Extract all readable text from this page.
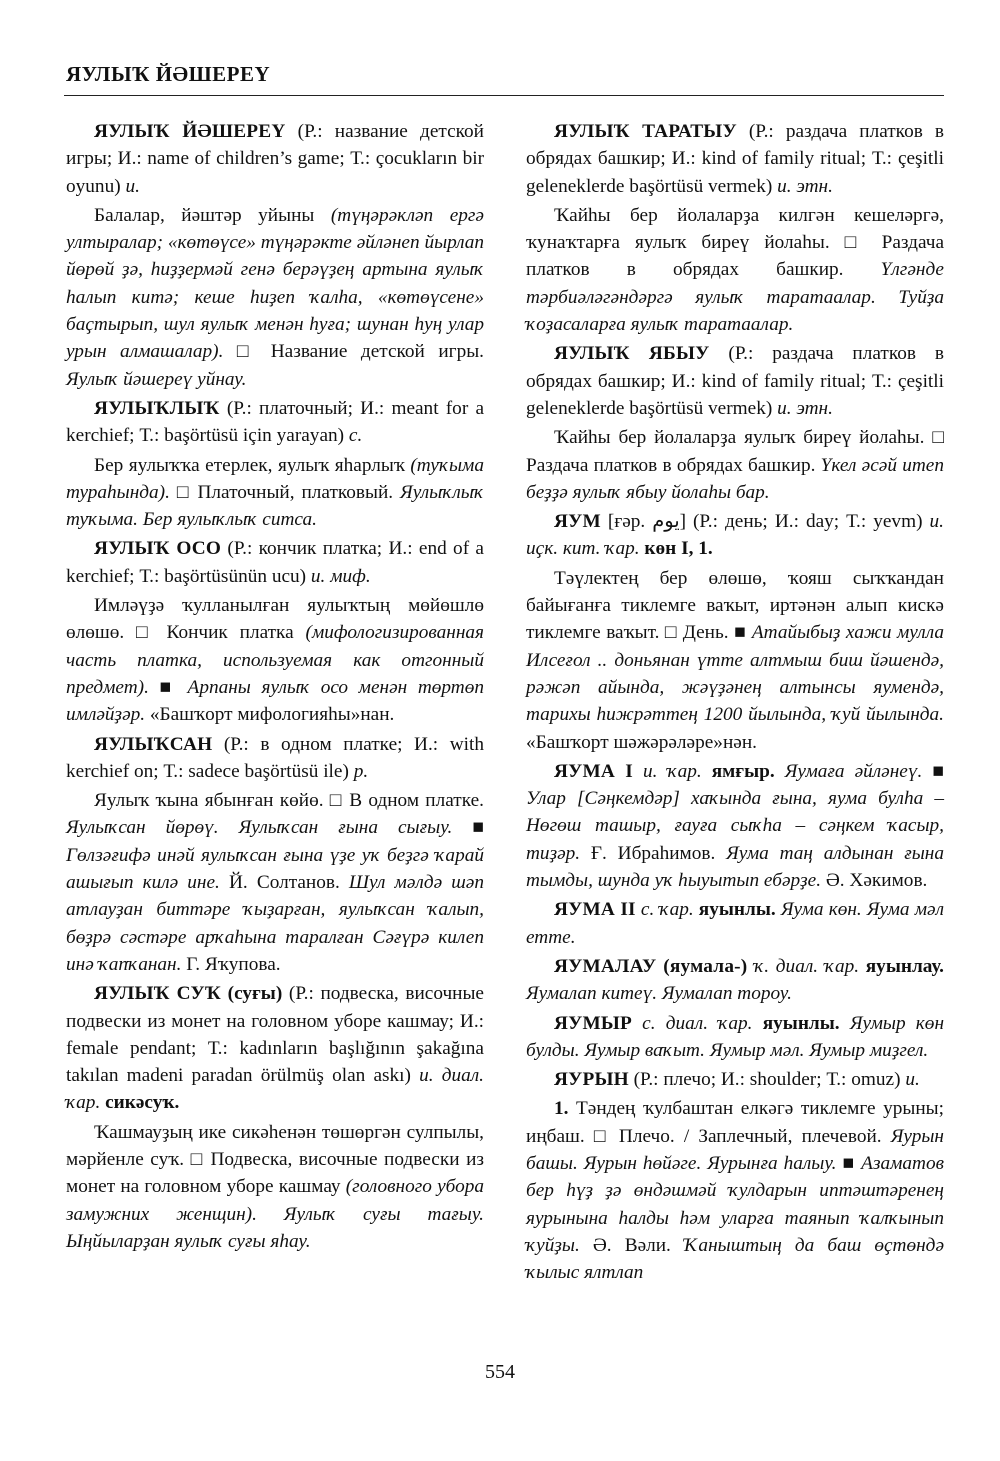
ЯУЛЫҠ ЙӘШЕРЕҮ

ЯУЛЫҠ ЙӘШЕРЕҮ (Р.: название детской игры; И.: name of children’s game; Т.: çocukların bir oyunu) и.

Балалар, йәштәр уйыны (түңәрәкләп ергә ултыралар; «көтөүсе» түңәрәкте әйләнеп йырлап йөрөй ҙә, һиҙҙермәй генә берәүҙең артына яулыҡ һалып китә; кеше һиҙеп ҡалһа, «көтөүсене» баҫтырып, шул яулыҡ менән һуға; шунан һуң улар урын алмашалар). □ Название детской игры. Яулыҡ йәшереү уйнау.

ЯУЛЫҠЛЫҠ (Р.: платочный; И.: meant for a kerchief; Т.: başörtüsü için yarayan) с.

Бер яулыҡҡа етерлек, яулыҡ яһарлыҡ (туҡыма тураһында). □ Платочный, платковый. Яулыҡлыҡ туҡыма. Бер яулыҡлыҡ ситса.

ЯУЛЫҠ ОСО (Р.: кончик платка; И.: end of a kerchief; Т.: başörtüsünün ucu) и. миф.

Имләүҙә ҡулланылған яулыҡтың мөйөшлө өлөшө. □ Кончик платка (мифологизированная часть платка, используемая как отгонный предмет). ■ Арпаны яулыҡ осо менән төртөп имләйҙәр. «Башҡорт мифологияһы»нан.

ЯУЛЫҠСАН (Р.: в одном платке; И.: with kerchief on; Т.: sadece başörtüsü ile) р.

Яулыҡ ҡына ябынған көйө. □ В одном платке. Яулыҡсан йөрөү. Яулыҡсан ғына сығыу. ■ Гөлзәғифә инәй яулыҡсан ғына үҙе уҡ беҙгә ҡарай ашығып килә ине. Й. Солтанов. Шул мәлдә шәп атлауҙан биттәре ҡыҙарған, яулыҡсан ҡалып, бөҙрә сәстәре арҡаһына таралған Сәғүрә килеп инә ҡапҡанан. Г. Яҡупова.

ЯУЛЫҠ СУҠ (суғы) (Р.: подвеска, височные подвески из монет на головном уборе кашмау; И.: female pendant; Т.: kadınların başlığının şakağına takılan madeni paradan örülmüş olan askı) и. диал. ҡар. сикәсуҡ.

Ҡашмауҙың ике сикәһенән төшөргән сулпылы, мәрйенле суҡ. □ Подвеска, височные подвески из монет на головном уборе кашмау (головного убора замужних женщин). Яулыҡ суғы тағыу. Ыңйыларҙан яулыҡ суғы яһау.

ЯУЛЫҠ ТАРАТЫУ (Р.: раздача платков в обрядах башкир; И.: kind of family ritual; Т.: çeşitli geleneklerde başörtüsü vermek) и. этн.

Ҡайһы бер йолаларҙа килгән кешеләргә, ҡунаҡтарға яулыҡ биреү йолаһы. □ Раздача платков в обрядах башкир. Үлгәнде тәрбиәләгәндәргә яулыҡ таратаалар. Туйҙа ҡоҙасаларға яулыҡ таратаалар.

ЯУЛЫҠ ЯБЫУ (Р.: раздача платков в обрядах башкир; И.: kind of family ritual; Т.: çeşitli geleneklerde başörtüsü vermek) и. этн.

Ҡайһы бер йолаларҙа яулыҡ биреү йолаһы. □ Раздача платков в обрядах башкир. Үкел әсәй итеп беҙҙә яулыҡ ябыу йолаһы бар.

ЯУМ [ғәр. يوم] (Р.: день; И.: day; Т.: yevm) и. иҫк. кит. ҡар. көн I, 1.

Тәүлектең бер өлөшө, ҡояш сыҡҡандан байығанға тиклемге ваҡыт, иртәнән алып кискә тиклемге ваҡыт. □ День. ■ Атайыбыҙ хажи мулла Илсеғол .. доньянан үтте алтмыш биш йәшендә, рәжәп айында, жәүҙәнең алтынсы яумендә, тарихы һижрәттең 1200 йылында, ҡуй йылында. «Башҡорт шәжәрәләре»нән.

ЯУМА I и. ҡар. ямғыр. Яумаға әйләнеү. ■ Улар [Сәңкемдәр] хаҡында ғына, яума булһа – Нөгөш ташыр, ғауға сыҡһа – сәңкем ҡасыр, тиҙәр. Ғ. Ибраһимов. Яума таң алдынан ғына тымды, шунда уҡ һыуытып ебәрҙе. Ә. Хәкимов.

ЯУМА II с. ҡар. яуынлы. Яума көн. Яума мәл етте.

ЯУМАЛАУ (яумала-) ҡ. диал. ҡар. яуынлау. Яумалап китеү. Яумалап тороу.

ЯУМЫР с. диал. ҡар. яуынлы. Яумыр көн булды. Яумыр ваҡыт. Яумыр мәл. Яумыр миҙгел.

ЯУРЫН (Р.: плечо; И.: shoulder; Т.: omuz) и.

1. Тәндең ҡулбаштан елкәгә тиклемге урыны; иңбаш. □ Плечо. / Заплечный, плечевой. Яурын башы. Яурын һөйәге. Яурынға һалыу. ■ Азаматов бер һүҙ ҙә өндәшмәй ҡулдарын иптәштәренең яурынына һалды һәм уларға таянып ҡалҡынып ҡуйҙы. Ә. Вәли. Ҡаныштың да баш өҫтөндә ҡылыс ялтлап

554
